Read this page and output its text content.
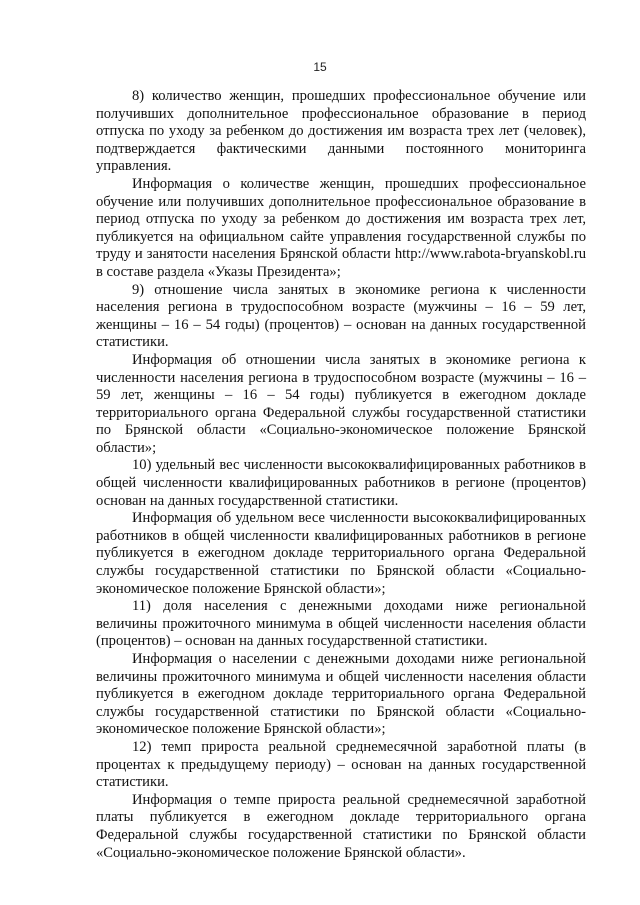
15

8) количество женщин, прошедших профессиональное обучение или получивших дополнительное профессиональное образование в период отпуска по уходу за ребенком до достижения им возраста трех лет (человек), подтверждается фактическими данными постоянного мониторинга управления.

Информация о количестве женщин, прошедших профессиональное обучение или получивших дополнительное профессиональное образование в период отпуска по уходу за ребенком до достижения им возраста трех лет, публикуется на официальном сайте управления государственной службы по труду и занятости населения Брянской области http://www.rabota-bryanskobl.ru в составе раздела «Указы Президента»;

9) отношение числа занятых в экономике региона к численности населения региона в трудоспособном возрасте (мужчины – 16 – 59 лет, женщины – 16 – 54 годы) (процентов) – основан на данных государственной статистики.

Информация об отношении числа занятых в экономике региона к численности населения региона в трудоспособном возрасте (мужчины – 16 – 59 лет, женщины – 16 – 54 годы) публикуется в ежегодном докладе территориального органа Федеральной службы государственной статистики по Брянской области «Социально-экономическое положение Брянской области»;

10) удельный вес численности высококвалифицированных работников в общей численности квалифицированных работников в регионе (процентов) основан на данных государственной статистики.

Информация об удельном весе численности высококвалифицированных работников в общей численности квалифицированных работников в регионе публикуется в ежегодном докладе территориального органа Федеральной службы государственной статистики по Брянской области «Социально-экономическое положение Брянской области»;

11) доля населения с денежными доходами ниже региональной величины прожиточного минимума в общей численности населения области (процентов) – основан на данных государственной статистики.

Информация о населении с денежными доходами ниже региональной величины прожиточного минимума и общей численности населения области публикуется в ежегодном докладе территориального органа Федеральной службы государственной статистики по Брянской области «Социально-экономическое положение Брянской области»;

12) темп прироста реальной среднемесячной заработной платы (в процентах к предыдущему периоду) – основан на данных государственной статистики.

Информация о темпе прироста реальной среднемесячной заработной платы публикуется в ежегодном докладе территориального органа Федеральной службы государственной статистики по Брянской области «Социально-экономическое положение Брянской области».
